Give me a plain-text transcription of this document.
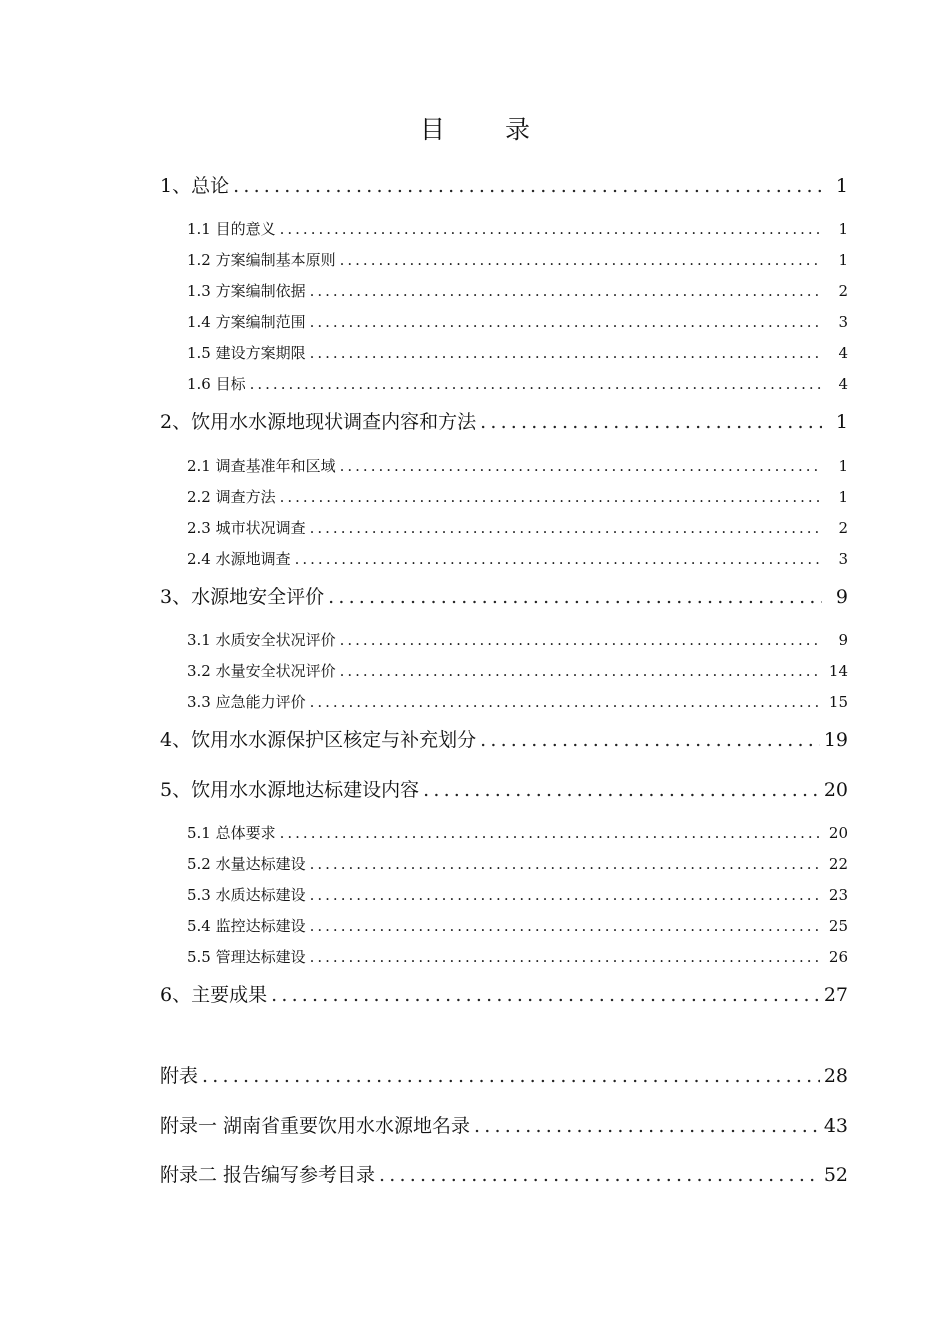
目 录
1、总论 .....	1
1.1 目的意义 .....	1
1.2 方案编制基本原则 .....	1
1.3 方案编制依据 .....	2
1.4 方案编制范围 .....	3
1.5 建设方案期限 .....	4
1.6 目标 .....	4
2、饮用水水源地现状调查内容和方法 .....	1
2.1 调查基准年和区域 .....	1
2.2 调查方法 .....	1
2.3 城市状况调查 .....	2
2.4 水源地调查 .....	3
3、水源地安全评价 .....	9
3.1 水质安全状况评价 .....	9
3.2 水量安全状况评价 .....	14
3.3 应急能力评价 .....	15
4、饮用水水源保护区核定与补充划分 .....	19
5、饮用水水源地达标建设内容 .....	20
5.1 总体要求 .....	20
5.2 水量达标建设 .....	22
5.3 水质达标建设 .....	23
5.4 监控达标建设 .....	25
5.5 管理达标建设 .....	26
6、主要成果 .....	27
附表 .....	28
附录一 湖南省重要饮用水水源地名录 .....	43
附录二 报告编写参考目录 .....	52
